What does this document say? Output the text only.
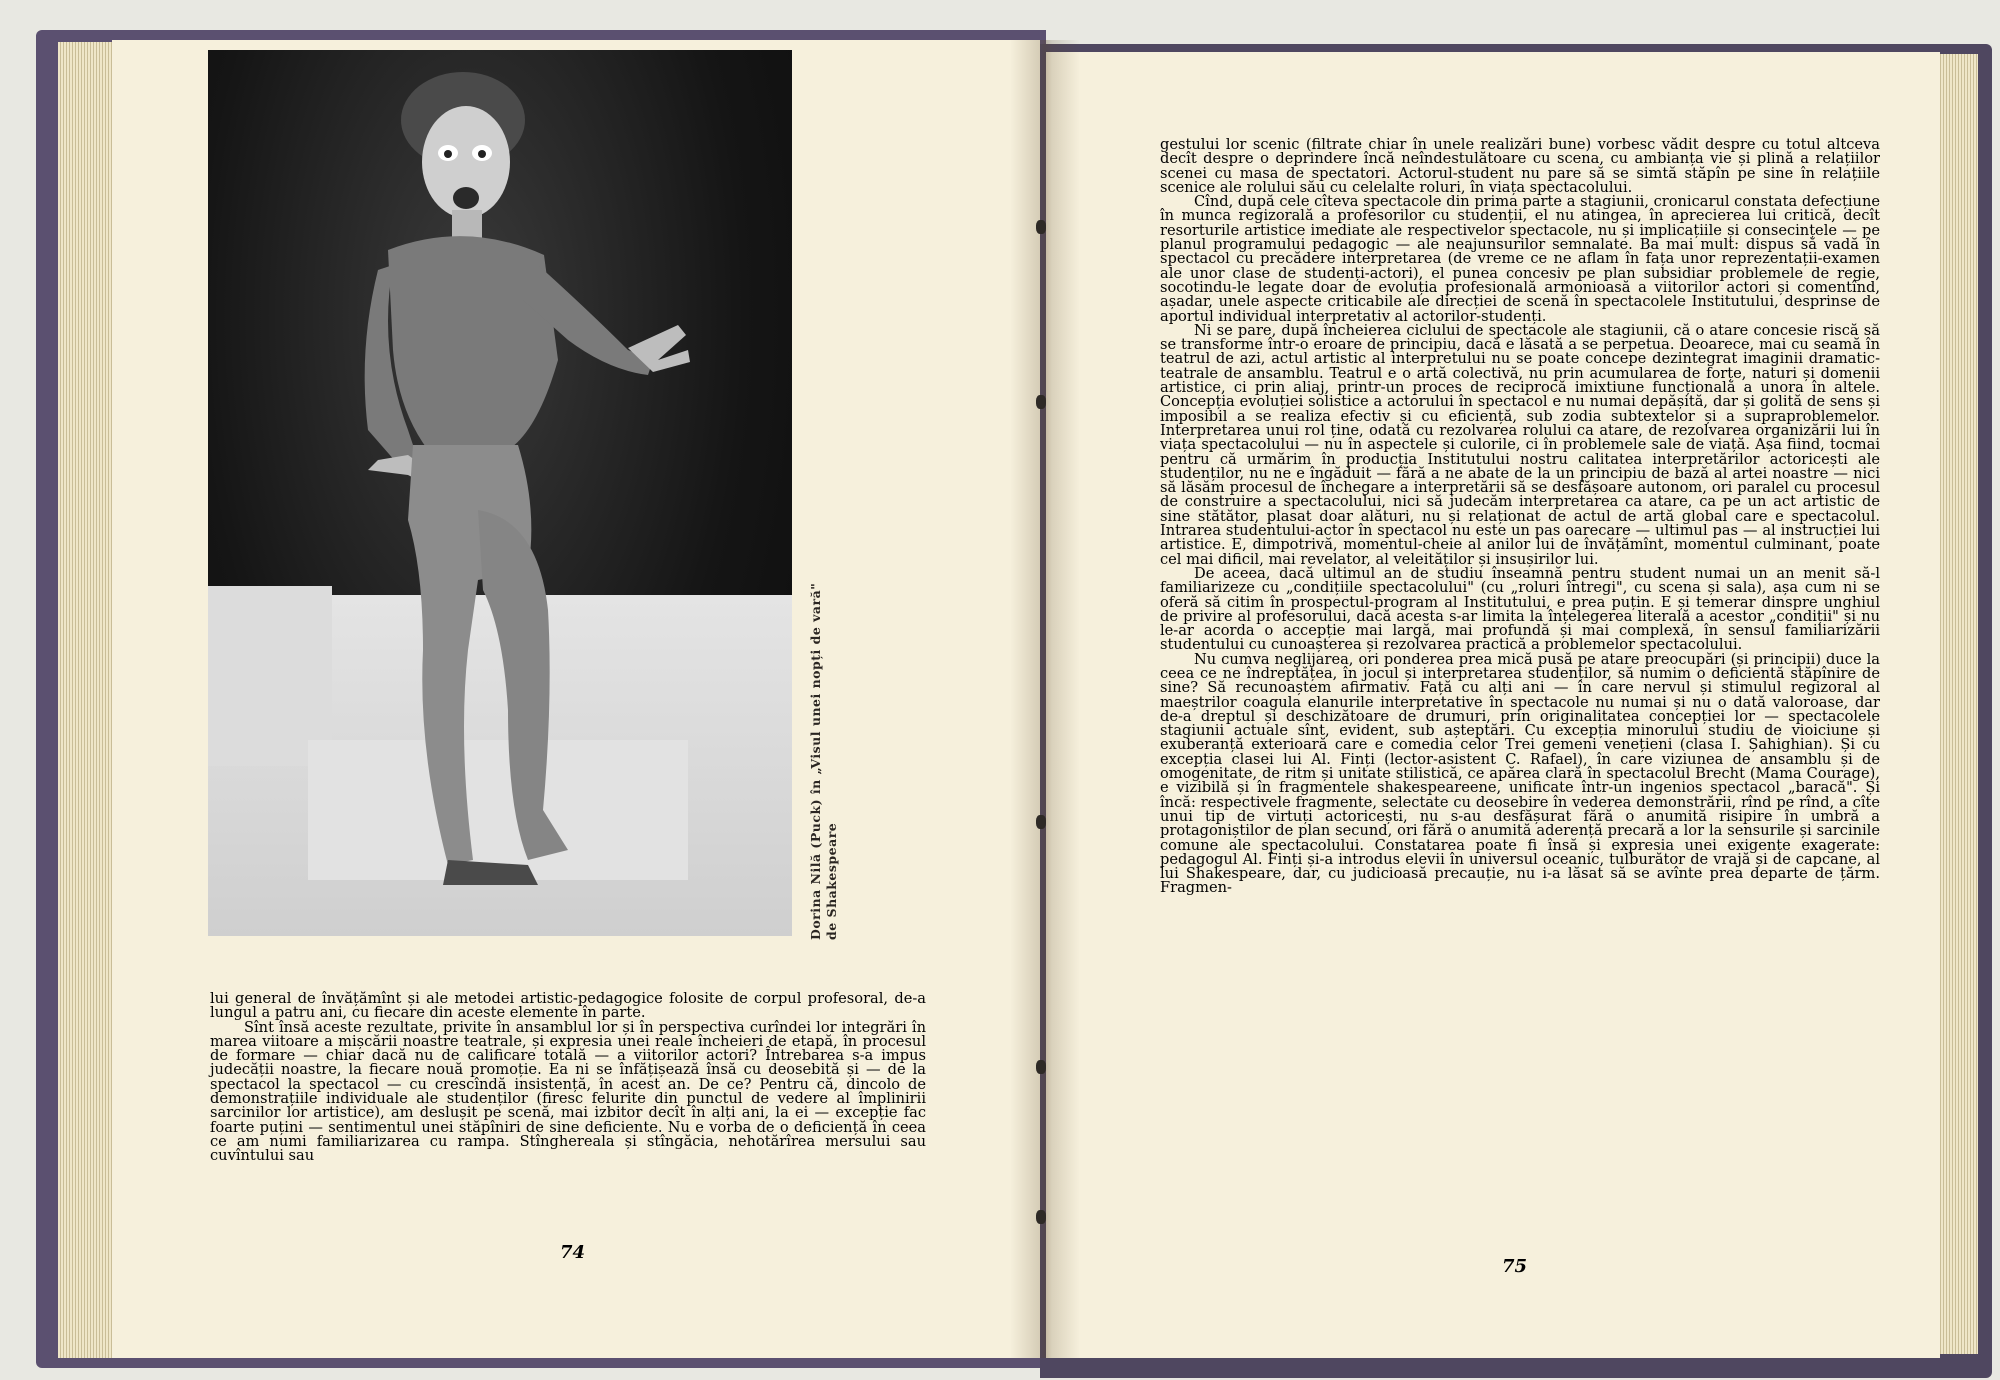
Dorina Nilă (Puck) în „Visul unei nopți de vară" de Shakespeare

lui general de învățămînt și ale metodei artistic-pedagogice folosite de corpul profesoral, de-a lungul a patru ani, cu fiecare din aceste elemente în parte.

Sînt însă aceste rezultate, privite în ansamblul lor și în perspectiva curîndei lor integrări în marea viitoare a mișcării noastre teatrale, și expresia unei reale încheieri de etapă, în procesul de formare — chiar dacă nu de calificare totală — a viitorilor actori? Întrebarea s-a impus judecății noastre, la fiecare nouă promoție. Ea ni se înfățișează însă cu deosebită și — de la spectacol la spectacol — cu crescîndă insistență, în acest an. De ce? Pentru că, dincolo de demonstrațiile individuale ale studenților (firesc felurite din punctul de vedere al împlinirii sarcinilor lor artistice), am deslușit pe scenă, mai izbitor decît în alți ani, la ei — excepție fac foarte puțini — sentimentul unei stăpîniri de sine deficiente. Nu e vorba de o deficiență în ceea ce am numi familiarizarea cu rampa. Stînghereala și stîngăcia, nehotărîrea mersului sau cuvîntului sau

74

gestului lor scenic (filtrate chiar în unele realizări bune) vorbesc vădit despre cu totul altceva decît despre o deprindere încă neîndestulătoare cu scena, cu ambianța vie și plină a relațiilor scenei cu masa de spectatori. Actorul-student nu pare să se simtă stăpîn pe sine în relațiile scenice ale rolului său cu celelalte roluri, în viața spectacolului.

Cînd, după cele cîteva spectacole din prima parte a stagiunii, cronicarul constata defecțiune în munca regizorală a profesorilor cu studenții, el nu atingea, în aprecierea lui critică, decît resorturile artistice imediate ale respectivelor spectacole, nu și implicațiile și consecințele — pe planul programului pedagogic — ale neajunsurilor semnalate. Ba mai mult: dispus să vadă în spectacol cu precădere interpretarea (de vreme ce ne aflam în fața unor reprezentații-examen ale unor clase de studenți-actori), el punea concesiv pe plan subsidiar problemele de regie, socotindu-le legate doar de evoluția profesională armonioasă a viitorilor actori și comentînd, așadar, unele aspecte criticabile ale direcției de scenă în spectacolele Institutului, desprinse de aportul individual interpretativ al actorilor-studenți.

Ni se pare, după încheierea ciclului de spectacole ale stagiunii, că o atare concesie riscă să se transforme într-o eroare de principiu, dacă e lăsată a se perpetua. Deoarece, mai cu seamă în teatrul de azi, actul artistic al interpretului nu se poate concepe dezintegrat imaginii dramatic-teatrale de ansamblu. Teatrul e o artă colectivă, nu prin acumularea de forțe, naturi și domenii artistice, ci prin aliaj, printr-un proces de reciprocă imixtiune funcțională a unora în altele. Concepția evoluției solistice a actorului în spectacol e nu numai depășită, dar și golită de sens și imposibil a se realiza efectiv și cu eficiență, sub zodia subtextelor și a supraproblemelor. Interpretarea unui rol ține, odată cu rezolvarea rolului ca atare, de rezolvarea organizării lui în viața spectacolului — nu în aspectele și culorile, ci în problemele sale de viață. Așa fiind, tocmai pentru că urmărim în producția Institutului nostru calitatea interpretărilor actoricești ale studenților, nu ne e îngăduit — fără a ne abate de la un principiu de bază al artei noastre — nici să lăsăm procesul de închegare a interpretării să se desfășoare autonom, ori paralel cu procesul de construire a spectacolului, nici să judecăm interpretarea ca atare, ca pe un act artistic de sine stătător, plasat doar alături, nu și relaționat de actul de artă global care e spectacolul. Intrarea studentului-actor în spectacol nu este un pas oarecare — ultimul pas — al instrucției lui artistice. E, dimpotrivă, momentul-cheie al anilor lui de învățămînt, momentul culminant, poate cel mai dificil, mai revelator, al veleităților și insușirilor lui.

De aceea, dacă ultimul an de studiu înseamnă pentru student numai un an menit să-l familiarizeze cu „condițiile spectacolului" (cu „roluri întregi", cu scena și sala), așa cum ni se oferă să citim în prospectul-program al Institutului, e prea puțin. E și temerar dinspre unghiul de privire al profesorului, dacă acesta s-ar limita la înțelegerea literală a acestor „condiții" și nu le-ar acorda o accepție mai largă, mai profundă și mai complexă, în sensul familiarizării studentului cu cunoașterea și rezolvarea practică a problemelor spectacolului.

Nu cumva neglijarea, ori ponderea prea mică pusă pe atare preocupări (și principii) duce la ceea ce ne îndreptățea, în jocul și interpretarea studenților, să numim o deficientă stăpînire de sine? Să recunoaștem afirmativ. Față cu alți ani — în care nervul și stimulul regizoral al maeștrilor coagula elanurile interpretative în spectacole nu numai și nu o dată valoroase, dar de-a dreptul și deschizătoare de drumuri, prin originalitatea concepției lor — spectacolele stagiunii actuale sînt, evident, sub așteptări. Cu excepția minorului studiu de vioiciune și exuberanță exterioară care e comedia celor Trei gemeni venețieni (clasa I. Șahighian). Și cu excepția clasei lui Al. Finți (lector-asistent C. Rafael), în care viziunea de ansamblu și de omogenitate, de ritm și unitate stilistică, ce apărea clară în spectacolul Brecht (Mama Courage), e vizibilă și în fragmentele shakespeareene, unificate într-un ingenios spectacol „baracă". Și încă: respectivele fragmente, selectate cu deosebire în vederea demonstrării, rînd pe rînd, a cîte unui tip de virtuți actoricești, nu s-au desfășurat fără o anumită risipire în umbră a protagoniștilor de plan secund, ori fără o anumită aderență precară a lor la sensurile și sarcinile comune ale spectacolului. Constatarea poate fi însă și expresia unei exigențe exagerate: pedagogul Al. Finți și-a introdus elevii în universul oceanic, tulburător de vrajă și de capcane, al lui Shakespeare, dar, cu judicioasă precauție, nu i-a lăsat să se avînte prea departe de țărm. Fragmen-

75
